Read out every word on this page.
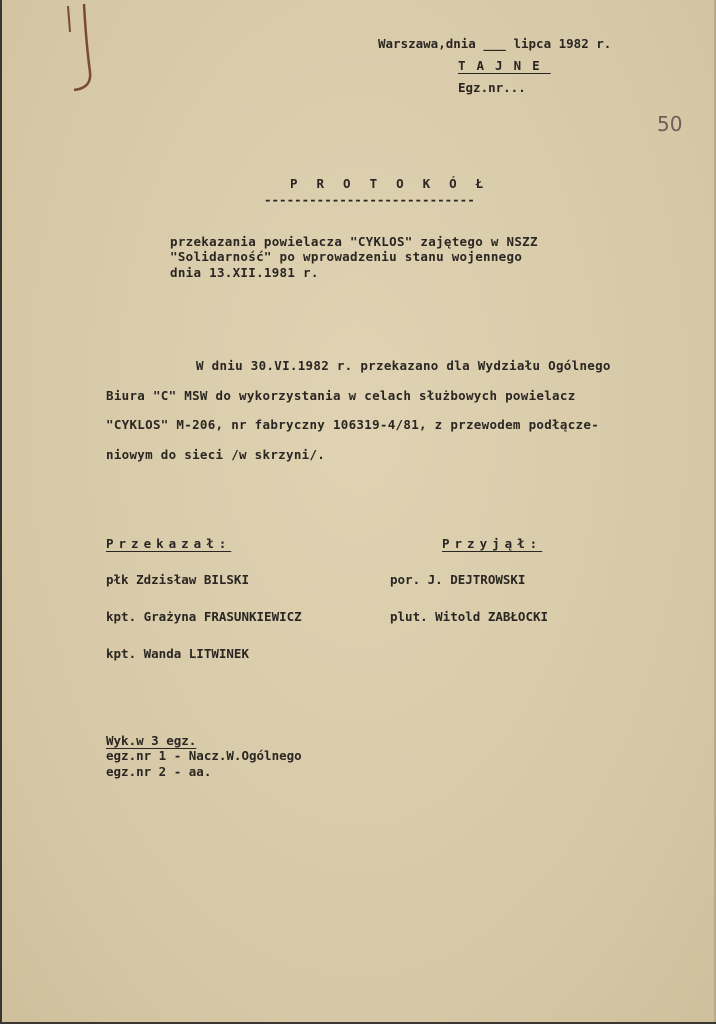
Warszawa,dnia ___ lipca 1982 r.
TAJNE
Egz.nr...
50
PROTOKÓŁ
----------------------------
przekazania powielacza "CYKLOS" zajętego w NSZZ
"Solidarność" po wprowadzeniu stanu wojennego
dnia 13.XII.1981 r.
W dniu 30.VI.1982 r. przekazano dla Wydziału Ogólnego
Biura "C" MSW do wykorzystania w celach służbowych powielacz
"CYKLOS" M-206, nr fabryczny 106319-4/81, z przewodem podłącze-
niowym do sieci /w skrzyni/.
Przekazał:	Przyjął:
płk Zdzisław BILSKI
kpt. Grażyna FRASUNKIEWICZ
kpt. Wanda LITWINEK
por. J. DEJTROWSKI
plut. Witold ZABŁOCKI
Wyk.w 3 egz.
egz.nr 1 - Nacz.W.Ogólnego
egz.nr 2 - aa.
